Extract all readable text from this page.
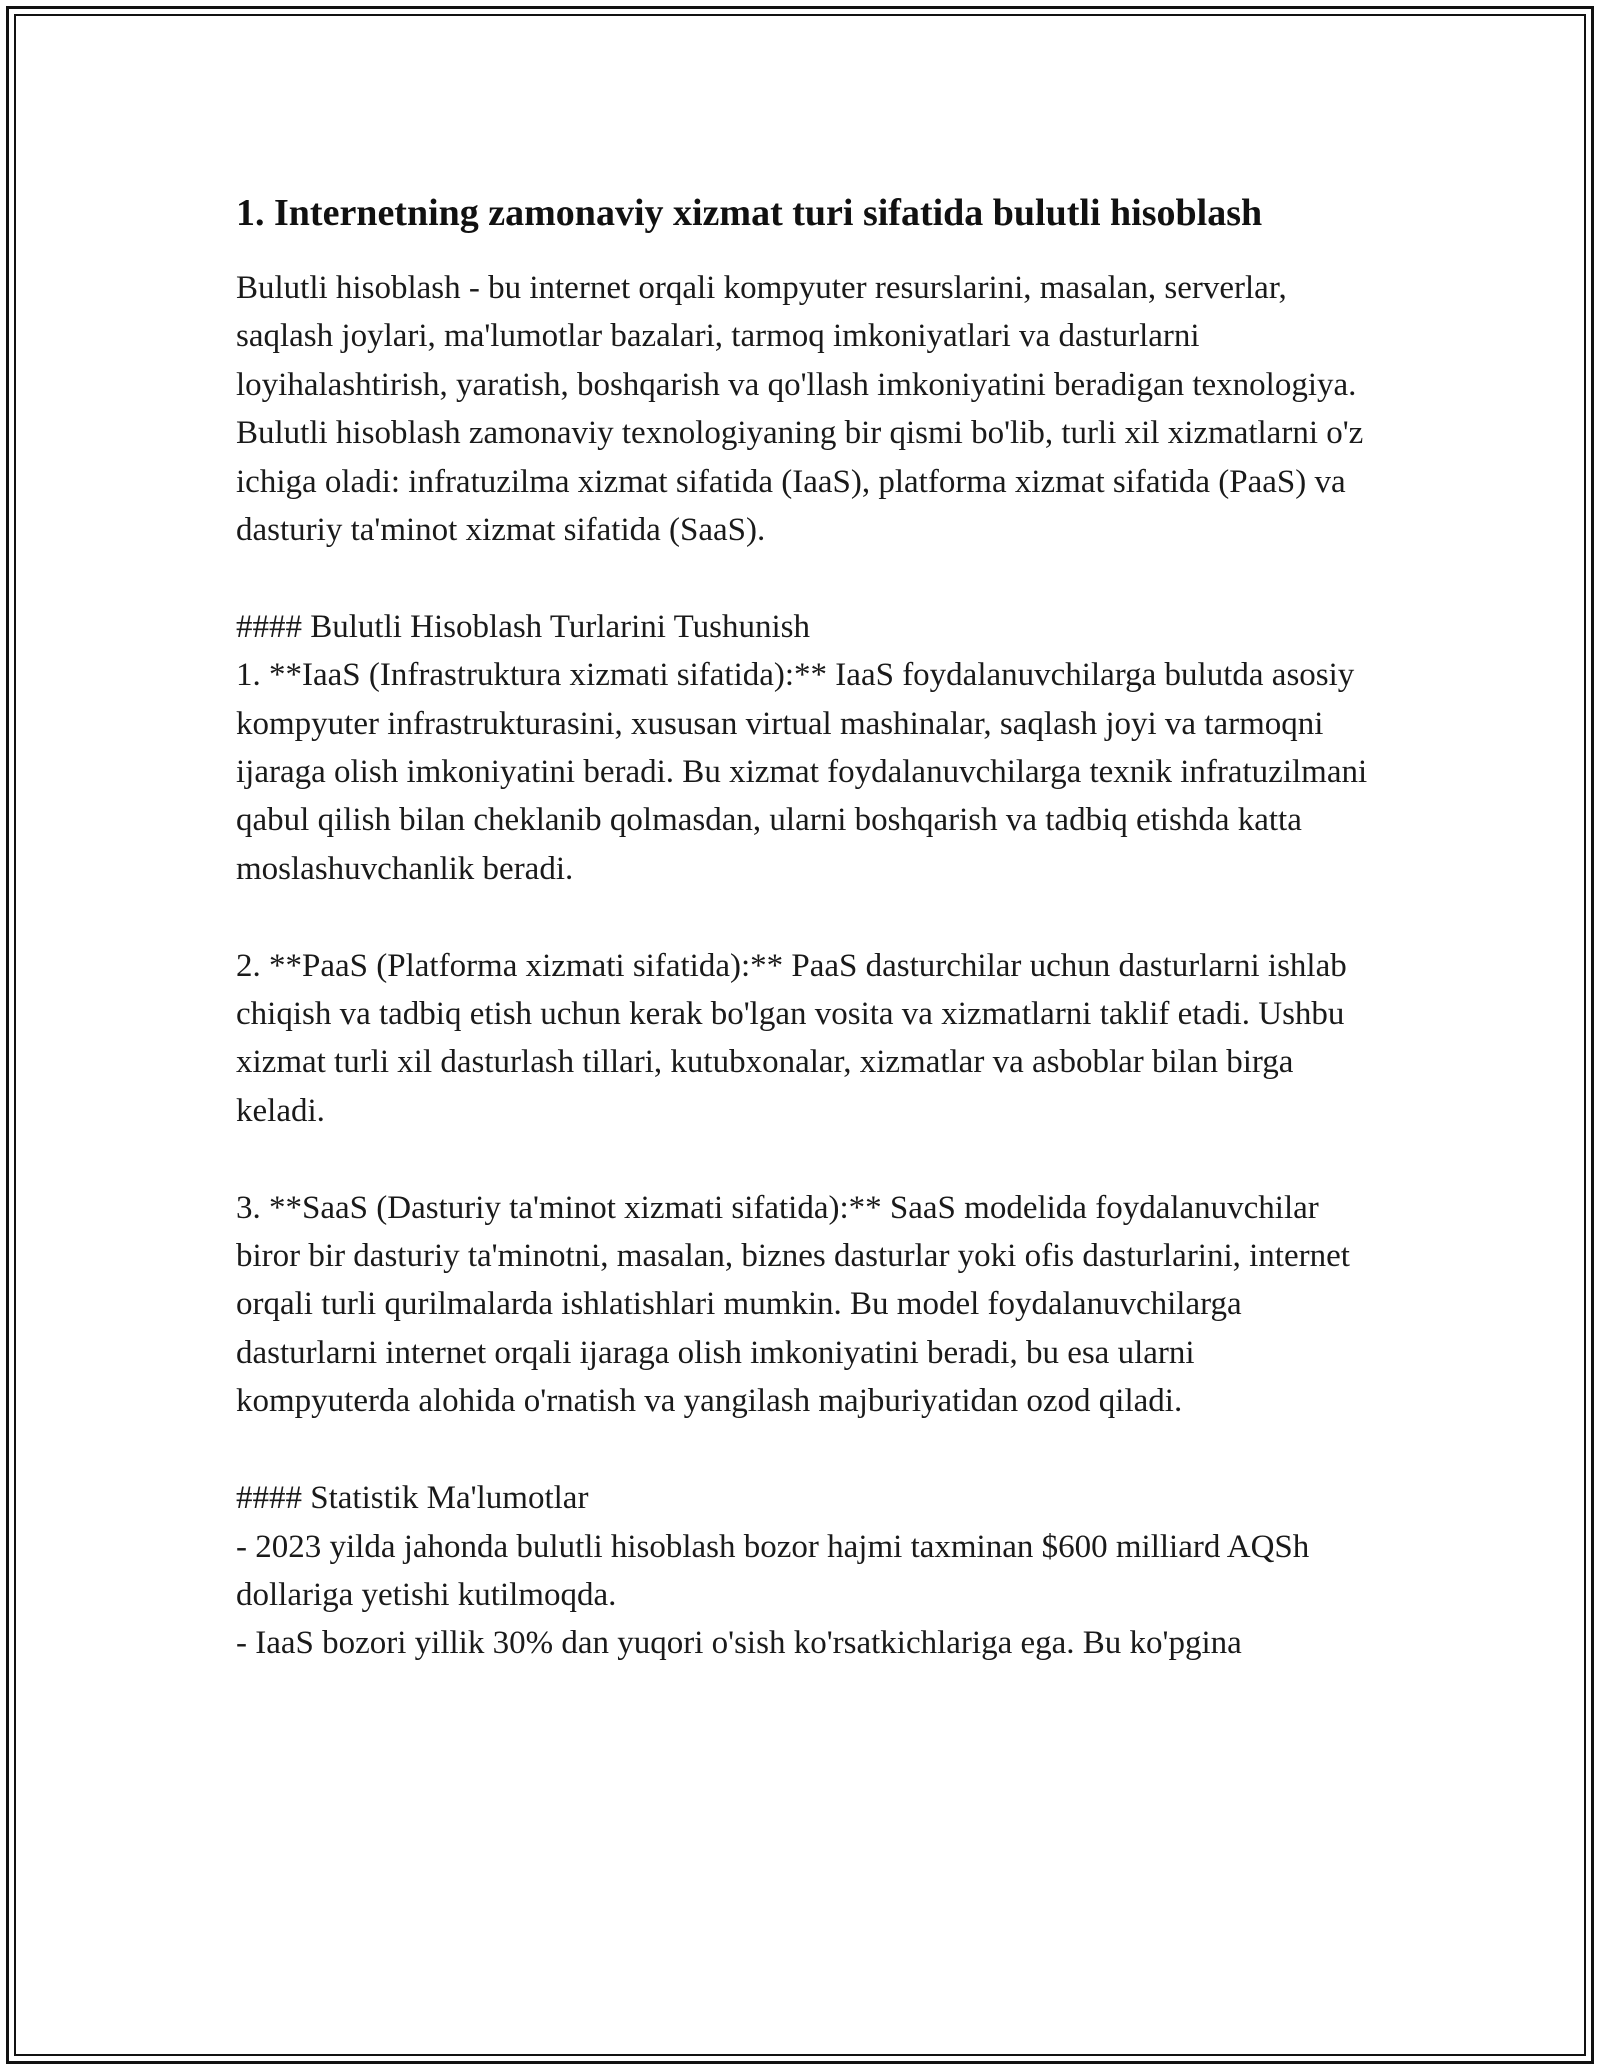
1. Internetning zamonaviy xizmat turi sifatida bulutli hisoblash

Bulutli hisoblash - bu internet orqali kompyuter resurslarini, masalan, serverlar, saqlash joylari, ma'lumotlar bazalari, tarmoq imkoniyatlari va dasturlarni loyihalashtirish, yaratish, boshqarish va qo'llash imkoniyatini beradigan texnologiya. Bulutli hisoblash zamonaviy texnologiyaning bir qismi bo'lib, turli xil xizmatlarni o'z ichiga oladi: infratuzilma xizmat sifatida (IaaS), platforma xizmat sifatida (PaaS) va dasturiy ta'minot xizmat sifatida (SaaS).

#### Bulutli Hisoblash Turlarini Tushunish

1. **IaaS (Infrastruktura xizmati sifatida):** IaaS foydalanuvchilarga bulutda asosiy kompyuter infrastrukturasini, xususan virtual mashinalar, saqlash joyi va tarmoqni ijaraga olish imkoniyatini beradi. Bu xizmat foydalanuvchilarga texnik infratuzilmani qabul qilish bilan cheklanib qolmasdan, ularni boshqarish va tadbiq etishda katta moslashuvchanlik beradi.

2. **PaaS (Platforma xizmati sifatida):** PaaS dasturchilar uchun dasturlarni ishlab chiqish va tadbiq etish uchun kerak bo'lgan vosita va xizmatlarni taklif etadi. Ushbu xizmat turli xil dasturlash tillari, kutubxonalar, xizmatlar va asboblar bilan birga keladi.

3. **SaaS (Dasturiy ta'minot xizmati sifatida):** SaaS modelida foydalanuvchilar biror bir dasturiy ta'minotni, masalan, biznes dasturlar yoki ofis dasturlarini, internet orqali turli qurilmalarda ishlatishlari mumkin. Bu model foydalanuvchilarga dasturlarni internet orqali ijaraga olish imkoniyatini beradi, bu esa ularni kompyuterda alohida o'rnatish va yangilash majburiyatidan ozod qiladi.

#### Statistik Ma'lumotlar

- 2023 yilda jahonda bulutli hisoblash bozor hajmi taxminan $600 milliard AQSh dollariga yetishi kutilmoqda.

- IaaS bozori yillik 30% dan yuqori o'sish ko'rsatkichlariga ega. Bu ko'pgina
